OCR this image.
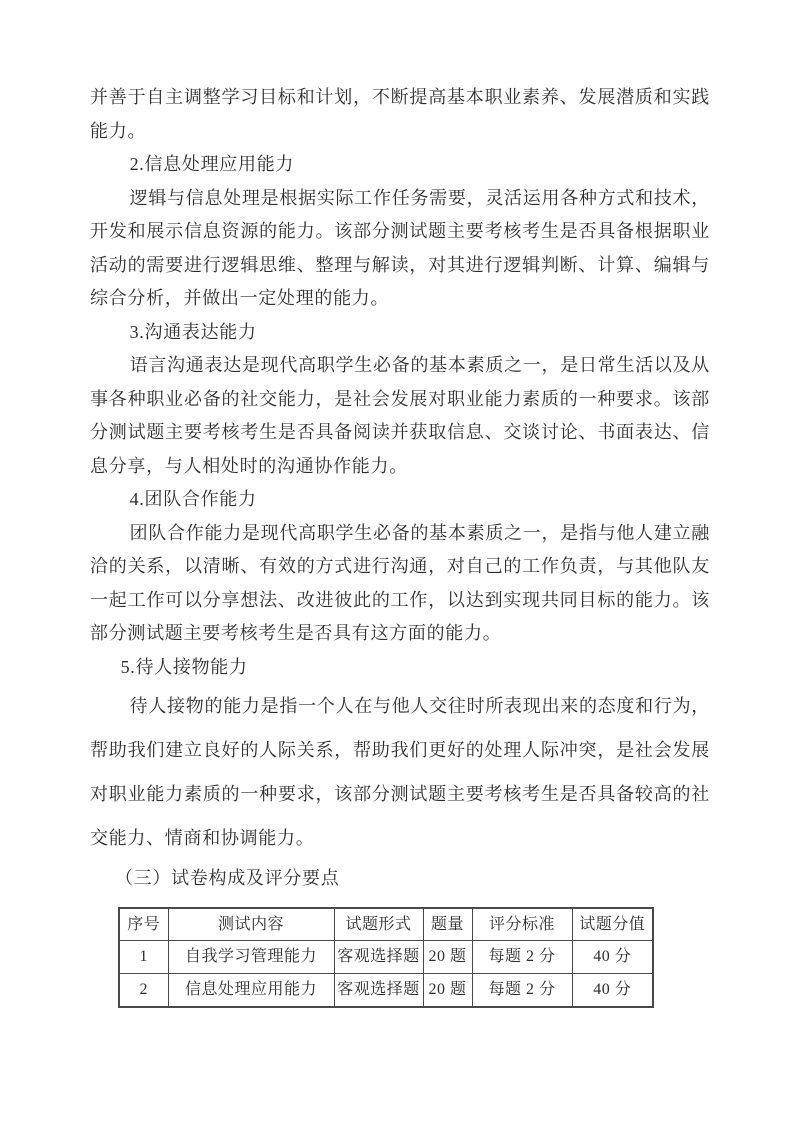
并善于自主调整学习目标和计划，不断提高基本职业素养、发展潜质和实践能力。

2.信息处理应用能力

逻辑与信息处理是根据实际工作任务需要，灵活运用各种方式和技术，开发和展示信息资源的能力。该部分测试题主要考核考生是否具备根据职业活动的需要进行逻辑思维、整理与解读，对其进行逻辑判断、计算、编辑与综合分析，并做出一定处理的能力。

3.沟通表达能力

语言沟通表达是现代高职学生必备的基本素质之一，是日常生活以及从事各种职业必备的社交能力，是社会发展对职业能力素质的一种要求。该部分测试题主要考核考生是否具备阅读并获取信息、交谈讨论、书面表达、信息分享，与人相处时的沟通协作能力。

4.团队合作能力

团队合作能力是现代高职学生必备的基本素质之一，是指与他人建立融洽的关系，以清晰、有效的方式进行沟通，对自己的工作负责，与其他队友一起工作可以分享想法、改进彼此的工作，以达到实现共同目标的能力。该部分测试题主要考核考生是否具有这方面的能力。

5.待人接物能力

待人接物的能力是指一个人在与他人交往时所表现出来的态度和行为，帮助我们建立良好的人际关系，帮助我们更好的处理人际冲突，是社会发展对职业能力素质的一种要求，该部分测试题主要考核考生是否具备较高的社交能力、情商和协调能力。

（三）试卷构成及评分要点

序号	测试内容	试题形式	题量	评分标准	试题分值
1	自我学习管理能力	客观选择题	20 题	每题 2 分	40 分
2	信息处理应用能力	客观选择题	20 题	每题 2 分	40 分
